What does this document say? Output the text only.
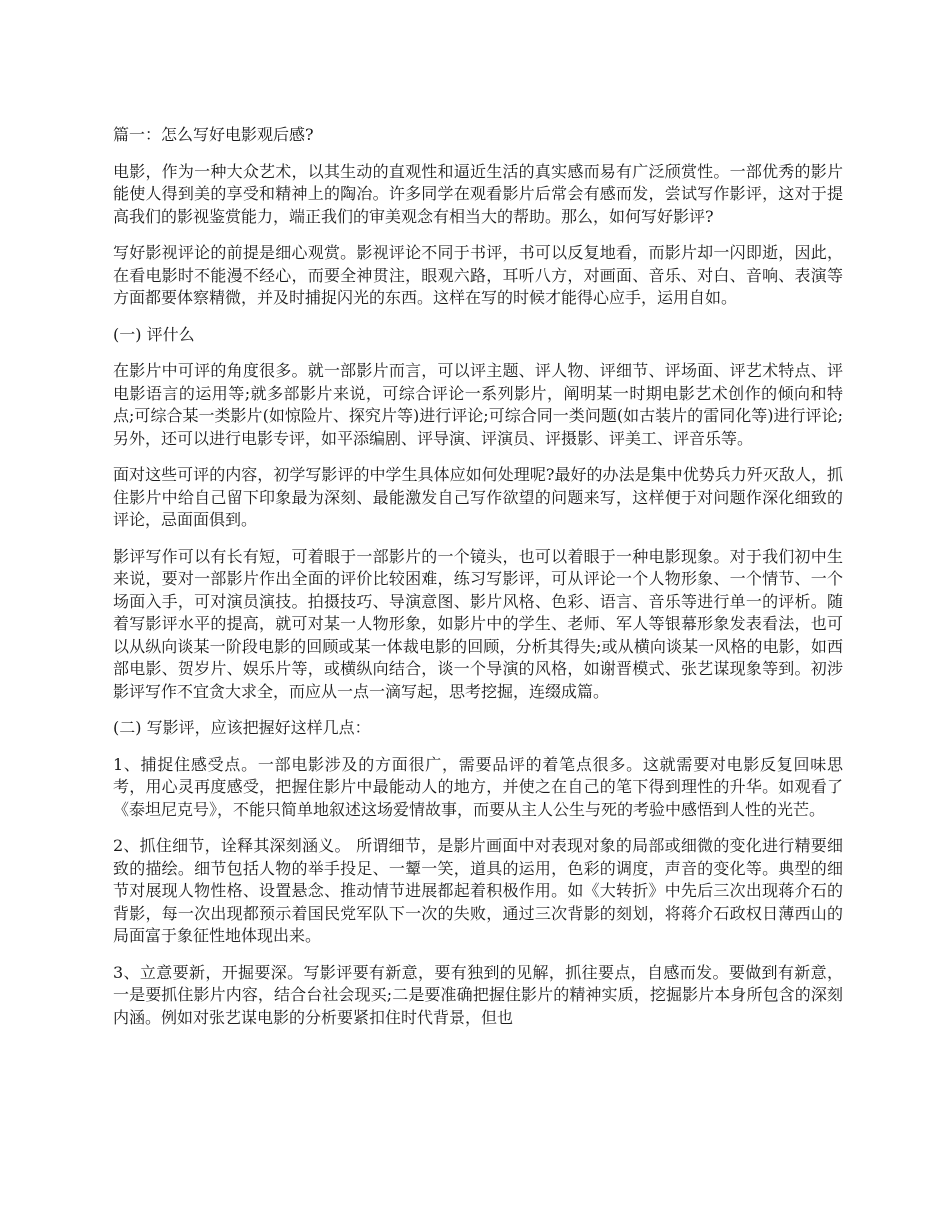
篇一：怎么写好电影观后感?

电影，作为一种大众艺术，以其生动的直观性和逼近生活的真实感而易有广泛颀赏性。一部优秀的影片能使人得到美的享受和精神上的陶冶。许多同学在观看影片后常会有感而发，尝试写作影评，这对于提高我们的影视鉴赏能力，端正我们的审美观念有相当大的帮助。那么，如何写好影评?

写好影视评论的前提是细心观赏。影视评论不同于书评，书可以反复地看，而影片却一闪即逝，因此，在看电影时不能漫不经心，而要全神贯注，眼观六路，耳听八方，对画面、音乐、对白、音响、表演等方面都要体察精微，并及时捕捉闪光的东西。这样在写的时候才能得心应手，运用自如。

(一) 评什么

在影片中可评的角度很多。就一部影片而言，可以评主题、评人物、评细节、评场面、评艺术特点、评电影语言的运用等;就多部影片来说，可综合评论一系列影片，阐明某一时期电影艺术创作的倾向和特点;可综合某一类影片(如惊险片、探究片等)进行评论;可综合同一类问题(如古装片的雷同化等)进行评论;另外，还可以进行电影专评，如平添编剧、评导演、评演员、评摄影、评美工、评音乐等。

面对这些可评的内容，初学写影评的中学生具体应如何处理呢?最好的办法是集中优势兵力歼灭敌人，抓住影片中给自己留下印象最为深刻、最能激发自己写作欲望的问题来写，这样便于对问题作深化细致的评论，忌面面俱到。

影评写作可以有长有短，可着眼于一部影片的一个镜头，也可以着眼于一种电影现象。对于我们初中生来说，要对一部影片作出全面的评价比较困难，练习写影评，可从评论一个人物形象、一个情节、一个场面入手，可对演员演技。拍摄技巧、导演意图、影片风格、色彩、语言、音乐等进行单一的评析。随着写影评水平的提高，就可对某一人物形象，如影片中的学生、老师、军人等银幕形象发表看法，也可以从纵向谈某一阶段电影的回顾或某一体裁电影的回顾，分析其得失;或从横向谈某一风格的电影，如西部电影、贺岁片、娱乐片等，或横纵向结合，谈一个导演的风格，如谢晋模式、张艺谋现象等到。初涉影评写作不宜贪大求全，而应从一点一滴写起，思考挖掘，连缀成篇。

(二) 写影评，应该把握好这样几点：

1、捕捉住感受点。一部电影涉及的方面很广，需要品评的着笔点很多。这就需要对电影反复回味思考，用心灵再度感受，把握住影片中最能动人的地方，并使之在自己的笔下得到理性的升华。如观看了《泰坦尼克号》，不能只简单地叙述这场爱情故事，而要从主人公生与死的考验中感悟到人性的光芒。

2、抓住细节，诠释其深刻涵义。 所谓细节，是影片画面中对表现对象的局部或细微的变化进行精要细致的描绘。细节包括人物的举手投足、一颦一笑，道具的运用，色彩的调度，声音的变化等。典型的细节对展现人物性格、设置悬念、推动情节进展都起着积极作用。如《大转折》中先后三次出现蒋介石的背影，每一次出现都预示着国民党军队下一次的失败，通过三次背影的刻划，将蒋介石政权日薄西山的局面富于象征性地体现出来。

3、立意要新，开掘要深。写影评要有新意，要有独到的见解，抓往要点，自感而发。要做到有新意，一是要抓住影片内容，结合台社会现买;二是要准确把握住影片的精神实质，挖掘影片本身所包含的深刻内涵。例如对张艺谋电影的分析要紧扣住时代背景，但也
